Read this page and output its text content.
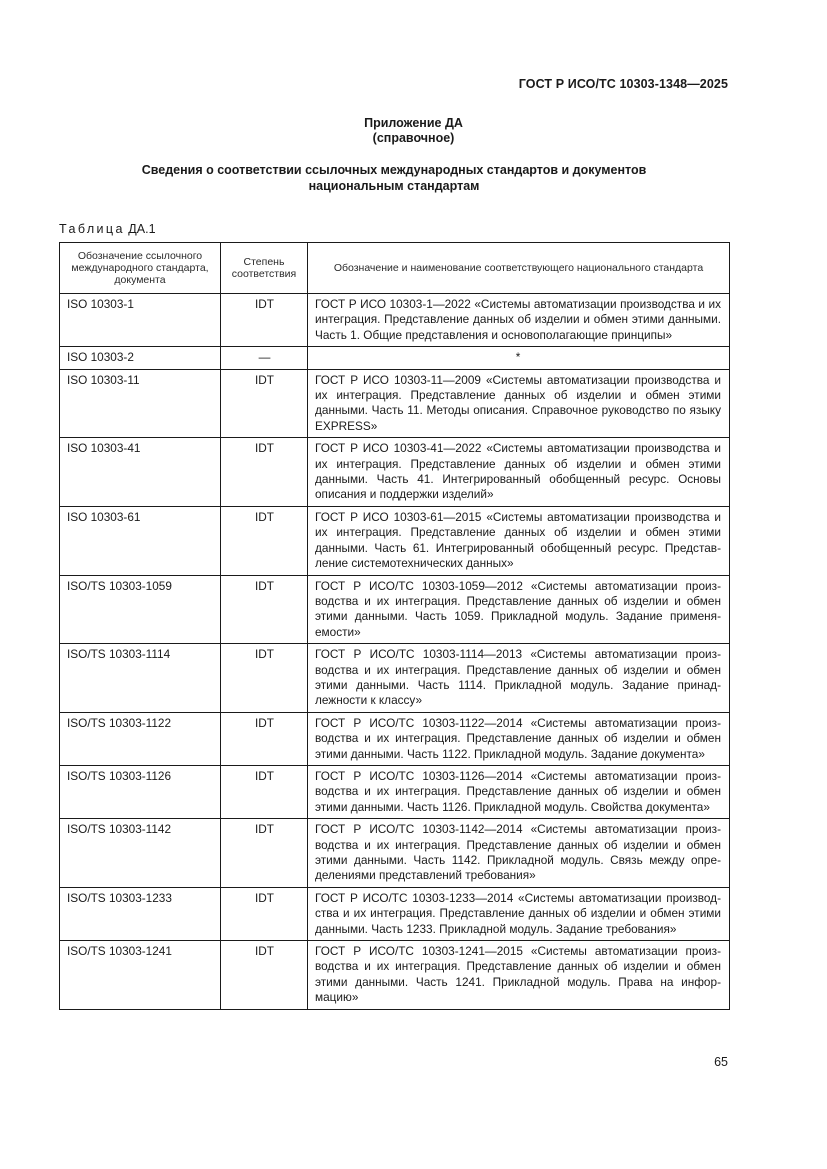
ГОСТ Р ИСО/ТС 10303-1348—2025
Приложение ДА
(справочное)
Сведения о соответствии ссылочных международных стандартов и документов
национальным стандартам
Таблица ДА.1
Обозначение ссылочного международного стандарта, документа	Степень соответствия	Обозначение и наименование соответствующего национального стандарта
ISO 10303-1	IDT	ГОСТ Р ИСО 10303-1—2022 «Системы автоматизации производства и их интеграция. Представление данных об изделии и обмен этими данными. Часть 1. Общие представления и основополагающие принципы»
ISO 10303-2	—	*
ISO 10303-11	IDT	ГОСТ Р ИСО 10303-11—2009 «Системы автоматизации производства и их интеграция. Представление данных об изделии и обмен этими данными. Часть 11. Методы описания. Справочное руководство по языку EXPRESS»
ISO 10303-41	IDT	ГОСТ Р ИСО 10303-41—2022 «Системы автоматизации производства и их интеграция. Представление данных об изделии и обмен этими данными. Часть 41. Интегрированный обобщенный ресурс. Основы описания и поддержки изделий»
ISO 10303-61	IDT	ГОСТ Р ИСО 10303-61—2015 «Системы автоматизации производства и их интеграция. Представление данных об изделии и обмен этими данными. Часть 61. Интегрированный обобщенный ресурс. Представление системотехнических данных»
ISO/TS 10303-1059	IDT	ГОСТ Р ИСО/ТС 10303-1059—2012 «Системы автоматизации производства и их интеграция. Представление данных об изделии и обмен этими данными. Часть 1059. Прикладной модуль. Задание применяемости»
ISO/TS 10303-1114	IDT	ГОСТ Р ИСО/ТС 10303-1114—2013 «Системы автоматизации производства и их интеграция. Представление данных об изделии и обмен этими данными. Часть 1114. Прикладной модуль. Задание принадлежности к классу»
ISO/TS 10303-1122	IDT	ГОСТ Р ИСО/ТС 10303-1122—2014 «Системы автоматизации производства и их интеграция. Представление данных об изделии и обмен этими данными. Часть 1122. Прикладной модуль. Задание документа»
ISO/TS 10303-1126	IDT	ГОСТ Р ИСО/ТС 10303-1126—2014 «Системы автоматизации производства и их интеграция. Представление данных об изделии и обмен этими данными. Часть 1126. Прикладной модуль. Свойства документа»
ISO/TS 10303-1142	IDT	ГОСТ Р ИСО/ТС 10303-1142—2014 «Системы автоматизации производства и их интеграция. Представление данных об изделии и обмен этими данными. Часть 1142. Прикладной модуль. Связь между определениями представлений требования»
ISO/TS 10303-1233	IDT	ГОСТ Р ИСО/ТС 10303-1233—2014 «Системы автоматизации производства и их интеграция. Представление данных об изделии и обмен этими данными. Часть 1233. Прикладной модуль. Задание требования»
ISO/TS 10303-1241	IDT	ГОСТ Р ИСО/ТС 10303-1241—2015 «Системы автоматизации производства и их интеграция. Представление данных об изделии и обмен этими данными. Часть 1241. Прикладной модуль. Права на информацию»
65
